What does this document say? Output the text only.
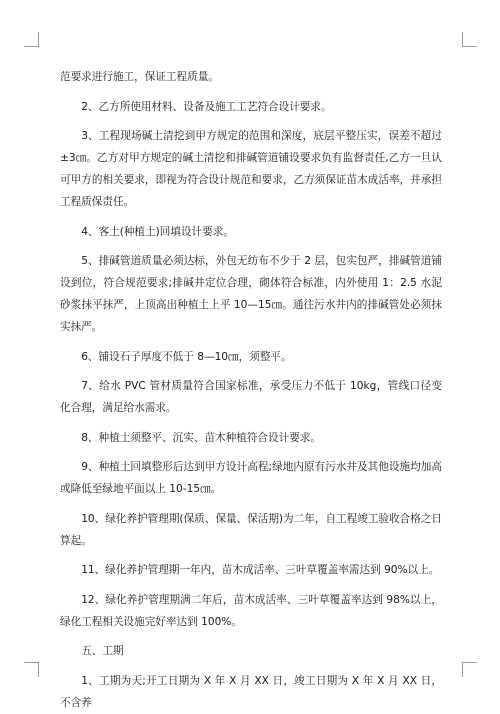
范要求进行施工，保证工程质量。

2、乙方所使用材料、设备及施工工艺符合设计要求。

3、工程现场碱土清挖到甲方规定的范围和深度，底层平整压实，误差不超过±3㎝。乙方对甲方规定的碱土清挖和排碱管道铺设要求负有监督责任,乙方一旦认可甲方的相关要求，即视为符合设计规范和要求，乙方须保证苗木成活率，并承担工程质保责任。

4、客土(种植土)回填设计要求。

5、排碱管道质量必须达标，外包无纺布不少于 2 层，包实包严，排碱管道铺设到位，符合规范要求;排碱井定位合理，砌体符合标准，内外使用 1：2.5 水泥砂浆抹平抹严，上顶高出种植土上平 10—15㎝。通往污水井内的排碱管处必须抹实抹严。

6、铺设石子厚度不低于 8—10㎝，须整平。

7、给水 PVC 管材质量符合国家标准，承受压力不低于 10kg，管线口径变化合理，满足给水需求。

8、种植土须整平、沉实、苗木种植符合设计要求。

9、种植土回填整形后达到甲方设计高程;绿地内原有污水井及其他设施均加高或降低至绿地平面以上 10-15㎝。

10、绿化养护管理期(保质、保量、保活期)为二年，自工程竣工验收合格之日算起。

11、绿化养护管理期一年内，苗木成活率、三叶草覆盖率需达到 90%以上。

12、绿化养护管理期满二年后，苗木成活率、三叶草覆盖率达到 98%以上，绿化工程相关设施完好率达到 100%。

五、工期

1、工期为天;开工日期为 X 年 X 月 XX 日，竣工日期为 X 年 X 月 XX 日，不含养
